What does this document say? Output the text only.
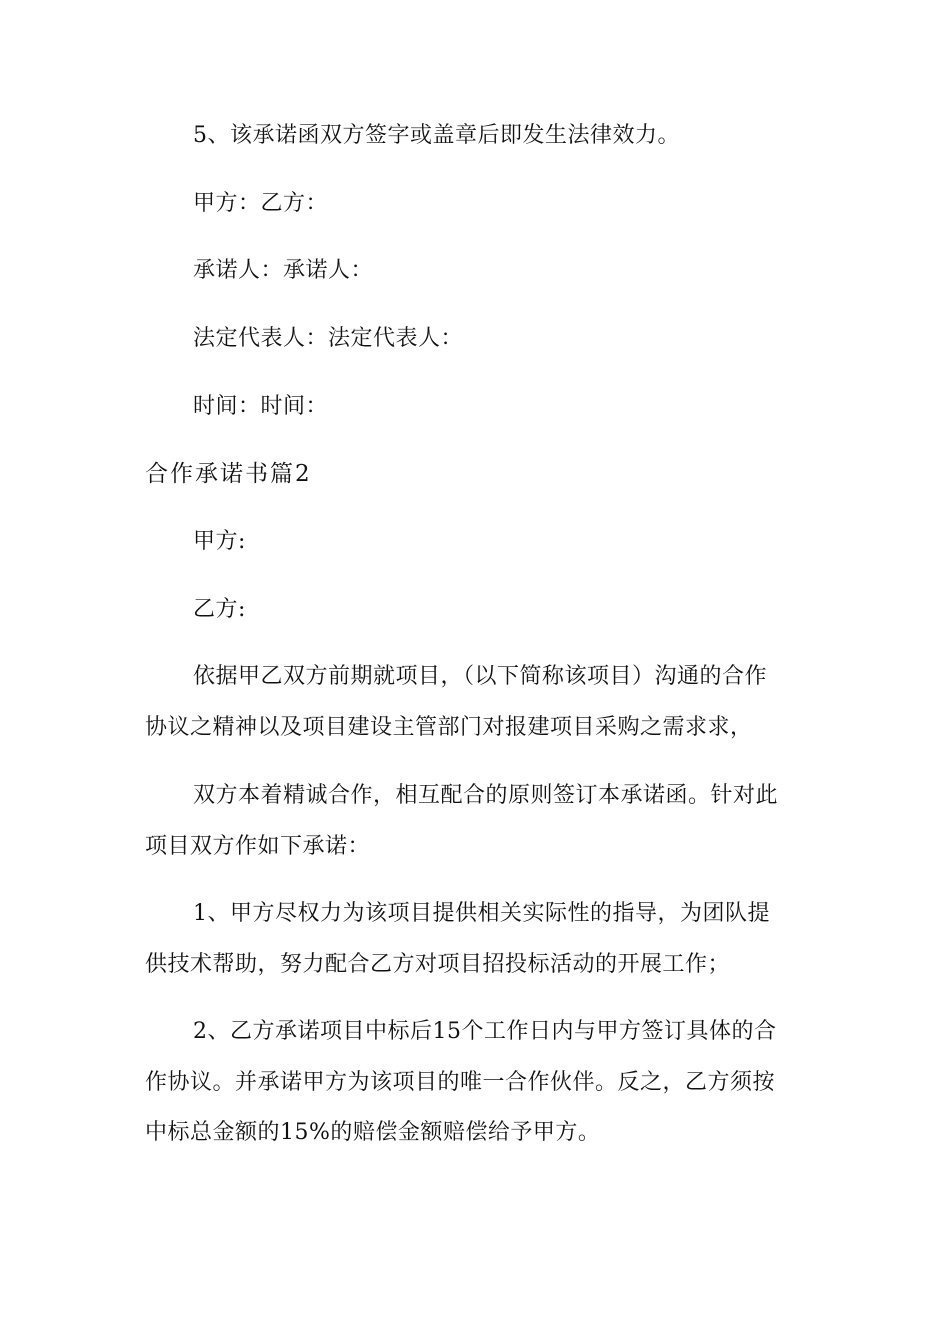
5、该承诺函双方签字或盖章后即发生法律效力。
甲方：乙方：
承诺人：承诺人：
法定代表人：法定代表人：
时间：时间：
合作承诺书篇2
甲方:
乙方:
依据甲乙双方前期就项目，（以下简称该项目）沟通的合作
协议之精神以及项目建设主管部门对报建项目采购之需求求，
双方本着精诚合作，相互配合的原则签订本承诺函。针对此
项目双方作如下承诺：
1、甲方尽权力为该项目提供相关实际性的指导，为团队提
供技术帮助，努力配合乙方对项目招投标活动的开展工作；
2、乙方承诺项目中标后15个工作日内与甲方签订具体的合
作协议。并承诺甲方为该项目的唯一合作伙伴。反之，乙方须按
中标总金额的15%的赔偿金额赔偿给予甲方。
